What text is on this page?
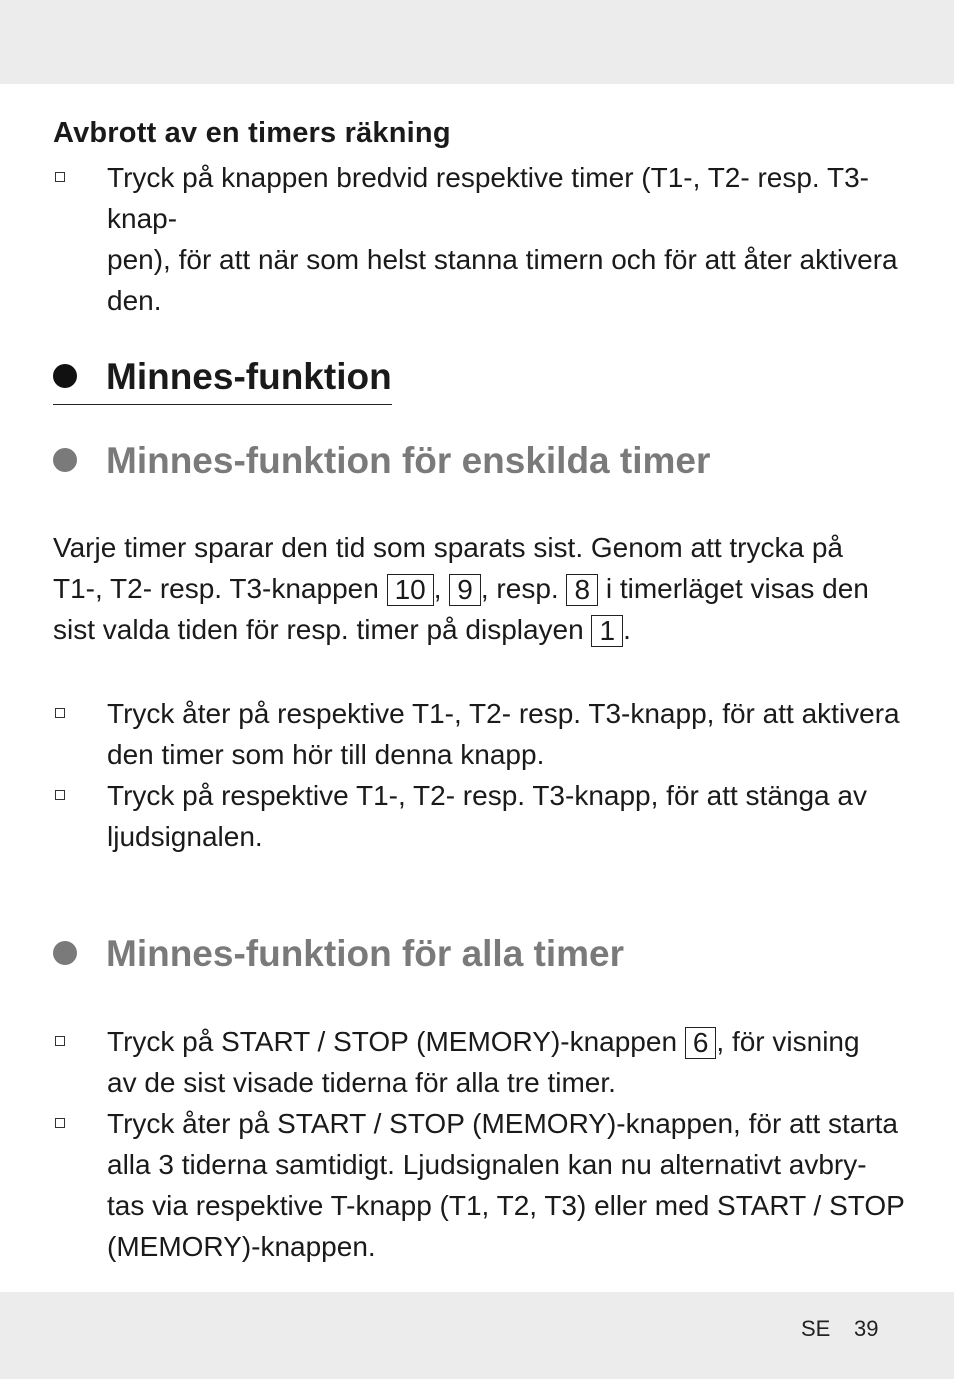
Avbrott av en timers räkning
Tryck på knappen bredvid respektive timer (T1-, T2- resp. T3-knap-
pen), för att när som helst stanna timern och för att åter aktivera
den.
Minnes-funktion
Minnes-funktion för enskilda timer
Varje timer sparar den tid som sparats sist. Genom att trycka på
T1-, T2- resp. T3-knappen 10 , 9 , resp. 8 i timerläget visas den
sist valda tiden för resp. timer på displayen 1 .
Tryck åter på respektive T1-, T2- resp. T3-knapp, för att aktivera
den timer som hör till denna knapp.
Tryck på respektive T1-, T2- resp. T3-knapp, för att stänga av
ljudsignalen.
Minnes-funktion för alla timer
Tryck på START / STOP (MEMORY)-knappen 6 , för visning
av de sist visade tiderna för alla tre timer.
Tryck åter på START / STOP (MEMORY)-knappen, för att starta
alla 3 tiderna samtidigt. Ljudsignalen kan nu alternativt avbry-
tas via respektive T-knapp (T1, T2, T3) eller med START / STOP
(MEMORY)-knappen.
SE 39
